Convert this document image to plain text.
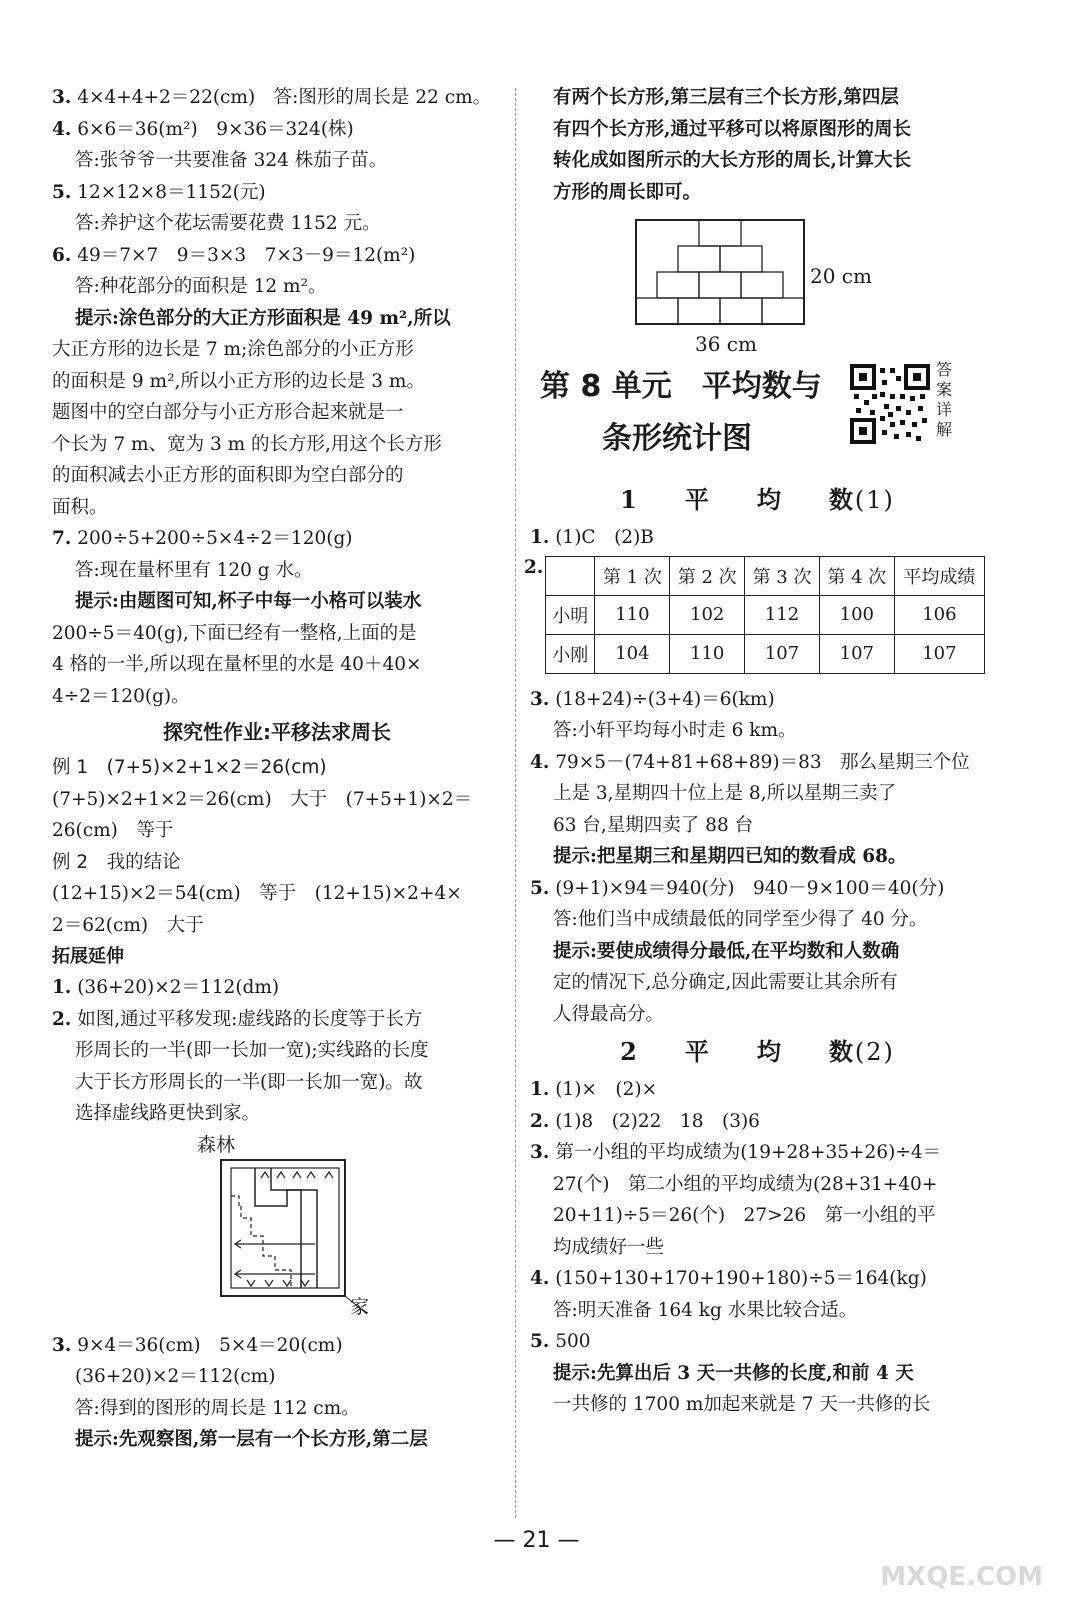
3. 4×4+4+2＝22(cm)　答:图形的周长是 22 cm。
4. 6×6＝36(m²)　9×36＝324(株)
答:张爷爷一共要准备 324 株茄子苗。
5. 12×12×8＝1152(元)
答:养护这个花坛需要花费 1152 元。
6. 49＝7×7　9＝3×3　7×3－9＝12(m²)
答:种花部分的面积是 12 m²。
提示:涂色部分的大正方形面积是 49 m²,所以
大正方形的边长是 7 m;涂色部分的小正方形
的面积是 9 m²,所以小正方形的边长是 3 m。
题图中的空白部分与小正方形合起来就是一
个长为 7 m、宽为 3 m 的长方形,用这个长方形
的面积减去小正方形的面积即为空白部分的
面积。
7. 200÷5+200÷5×4÷2＝120(g)
答:现在量杯里有 120 g 水。
提示:由题图可知,杯子中每一小格可以装水
200÷5＝40(g),下面已经有一整格,上面的是
4 格的一半,所以现在量杯里的水是 40＋40×
4÷2＝120(g)。
探究性作业:平移法求周长
例 1　(7+5)×2+1×2＝26(cm)
(7+5)×2+1×2＝26(cm)　大于　(7+5+1)×2＝
26(cm)　等于
例 2　我的结论
(12+15)×2＝54(cm)　等于　(12+15)×2+4×
2＝62(cm)　大于
拓展延伸
1. (36+20)×2＝112(dm)
2. 如图,通过平移发现:虚线路的长度等于长方
形周长的一半(即一长加一宽);实线路的长度
大于长方形周长的一半(即一长加一宽)。故
选择虚线路更快到家。
森林
家
3. 9×4＝36(cm)　5×4＝20(cm)
(36+20)×2＝112(cm)
答:得到的图形的周长是 112 cm。
提示:先观察图,第一层有一个长方形,第二层
有两个长方形,第三层有三个长方形,第四层
有四个长方形,通过平移可以将原图形的周长
转化成如图所示的大长方形的周长,计算大长
方形的周长即可。
20 cm
36 cm
第 8 单元　平均数与
条形统计图
答
案
详
解
1 平 均 数(1)
1. (1)C　(2)B
2.
		第 1 次	第 2 次	第 3 次	第 4 次	平均成绩
小明	110	102	112	100	106
小刚	104	110	107	107	107
3. (18+24)÷(3+4)＝6(km)
答:小轩平均每小时走 6 km。
4. 79×5－(74+81+68+89)＝83　那么星期三个位
上是 3,星期四十位上是 8,所以星期三卖了
63 台,星期四卖了 88 台
提示:把星期三和星期四已知的数看成 68。
5. (9+1)×94＝940(分)　940－9×100＝40(分)
答:他们当中成绩最低的同学至少得了 40 分。
提示:要使成绩得分最低,在平均数和人数确
定的情况下,总分确定,因此需要让其余所有
人得最高分。
2 平 均 数(2)
1. (1)×　(2)×
2. (1)8　(2)22　18　(3)6
3. 第一小组的平均成绩为(19+28+35+26)÷4＝
27(个)　第二小组的平均成绩为(28+31+40+
20+11)÷5＝26(个)　27>26　第一小组的平
均成绩好一些
4. (150+130+170+190+180)÷5＝164(kg)
答:明天准备 164 kg 水果比较合适。
5. 500
提示:先算出后 3 天一共修的长度,和前 4 天
一共修的 1700 m加起来就是 7 天一共修的长
— 21 —
MXQE.COM
